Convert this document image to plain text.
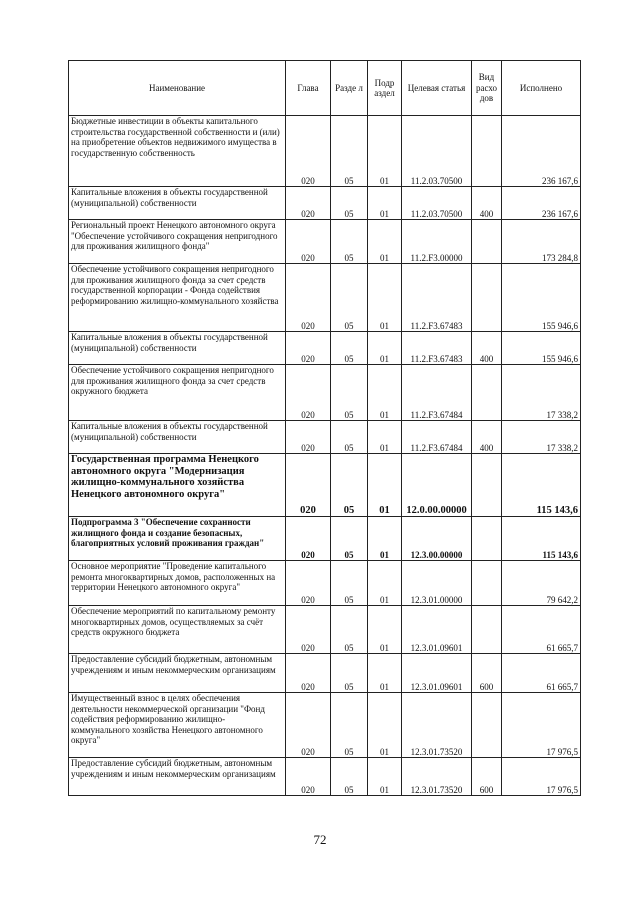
Наименование	Глава	Разде л	Подр аздел	Целевая статья	Вид расхо дов	Исполнено
Бюджетные инвестиции в объекты капитального строительства государственной собственности и (или) на приобретение объектов недвижимого имущества в государственную собственность	020	05	01	11.2.03.70500		236 167,6
Капитальные вложения в объекты государственной (муниципальной) собственности	020	05	01	11.2.03.70500	400	236 167,6
Региональный проект Ненецкого автономного округа "Обеспечение устойчивого сокращения непригодного для проживания жилищного фонда"	020	05	01	11.2.F3.00000		173 284,8
Обеспечение устойчивого сокращения непригодного для проживания жилищного фонда за счет средств государственной корпорации - Фонда содействия реформированию жилищно-коммунального хозяйства	020	05	01	11.2.F3.67483		155 946,6
Капитальные вложения в объекты государственной (муниципальной) собственности	020	05	01	11.2.F3.67483	400	155 946,6
Обеспечение устойчивого сокращения непригодного для проживания жилищного фонда за счет средств окружного бюджета	020	05	01	11.2.F3.67484		17 338,2
Капитальные вложения в объекты государственной (муниципальной) собственности	020	05	01	11.2.F3.67484	400	17 338,2
Государственная программа Ненецкого автономного округа "Модернизация жилищно-коммунального хозяйства Ненецкого автономного округа"	020	05	01	12.0.00.00000		115 143,6
Подпрограмма 3 "Обеспечение сохранности жилищного фонда и создание безопасных, благоприятных условий проживания граждан"	020	05	01	12.3.00.00000		115 143,6
Основное мероприятие "Проведение капитального ремонта многоквартирных домов, расположенных на территории Ненецкого автономного округа"	020	05	01	12.3.01.00000		79 642,2
Обеспечение мероприятий по капитальному ремонту многоквартирных домов, осуществляемых за счёт средств окружного бюджета	020	05	01	12.3.01.09601		61 665,7
Предоставление субсидий бюджетным, автономным учреждениям и иным некоммерческим организациям	020	05	01	12.3.01.09601	600	61 665,7
Имущественный взнос в целях обеспечения деятельности некоммерческой организации "Фонд содействия реформированию жилищно-коммунального хозяйства Ненецкого автономного округа"	020	05	01	12.3.01.73520		17 976,5
Предоставление субсидий бюджетным, автономным учреждениям и иным некоммерческим организациям	020	05	01	12.3.01.73520	600	17 976,5
72
